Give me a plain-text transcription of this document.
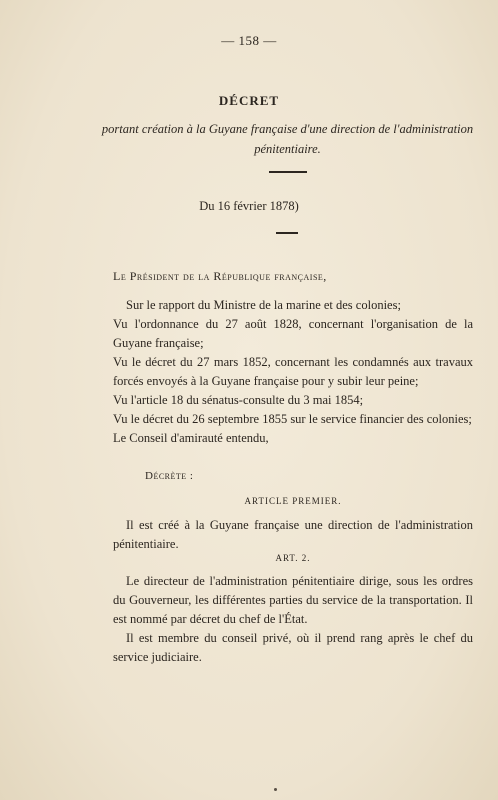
— 158 —
DÉCRET
portant création à la Guyane française d'une direction de l'administration pénitentiaire.
Du 16 février 1878)
Le Président de la République française,

Sur le rapport du Ministre de la marine et des colonies;

Vu l'ordonnance du 27 août 1828, concernant l'organisation de la Guyane française;

Vu le décret du 27 mars 1852, concernant les condamnés aux travaux forcés envoyés à la Guyane française pour y subir leur peine;

Vu l'article 18 du sénatus-consulte du 3 mai 1854;

Vu le décret du 26 septembre 1855 sur le service financier des colonies;

Le Conseil d'amirauté entendu,

Décrète :
ARTICLE PREMIER.

Il est créé à la Guyane française une direction de l'administration pénitentiaire.

ART. 2.

Le directeur de l'administration pénitentiaire dirige, sous les ordres du Gouverneur, les différentes parties du service de la transportation. Il est nommé par décret du chef de l'État.

Il est membre du conseil privé, où il prend rang après le chef du service judiciaire.
